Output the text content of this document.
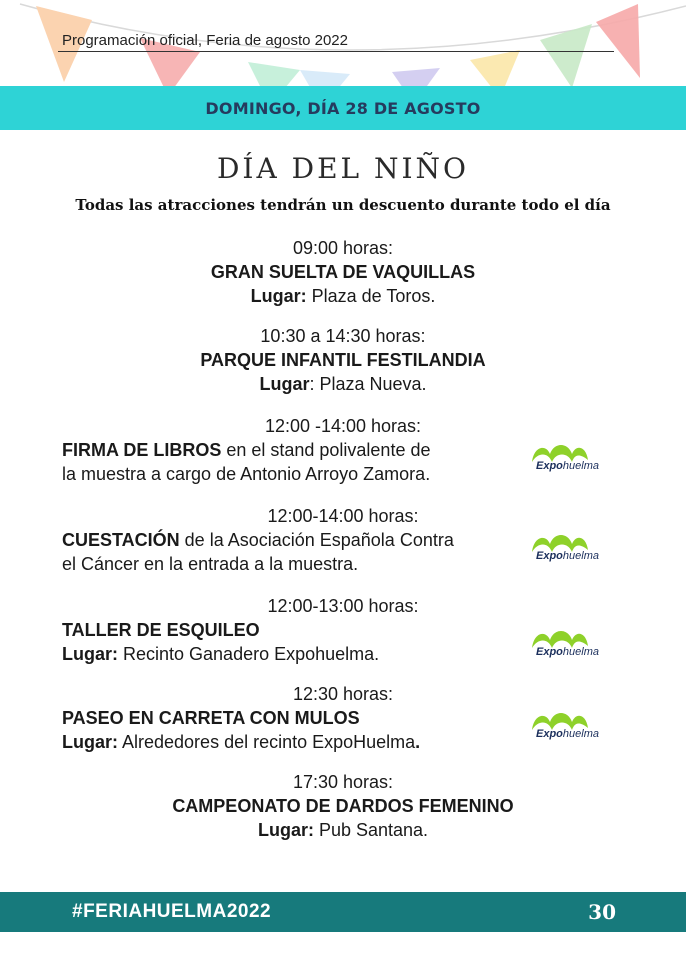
Programación oficial, Feria de agosto 2022
DOMINGO, DÍA 28 DE AGOSTO
DÍA DEL NIÑO
Todas las atracciones tendrán un descuento durante todo el día
09:00 horas:
GRAN SUELTA DE VAQUILLAS
Lugar: Plaza de Toros.
10:30 a 14:30 horas:
PARQUE INFANTIL FESTILANDIA
Lugar: Plaza Nueva.
12:00 -14:00 horas:
FIRMA DE LIBROS en el stand polivalente de
la muestra a cargo de Antonio Arroyo Zamora.
12:00-14:00 horas:
CUESTACIÓN de la Asociación Española Contra
el Cáncer en la entrada a la muestra.
12:00-13:00 horas:
TALLER DE ESQUILEO
Lugar: Recinto Ganadero Expohuelma.
12:30 horas:
PASEO EN CARRETA CON MULOS
Lugar: Alrededores del recinto ExpoHuelma.
17:30 horas:
CAMPEONATO DE DARDOS FEMENINO
Lugar: Pub Santana.
Expohuelma
Expohuelma
Expohuelma
Expohuelma
#FERIAHUELMA2022	30
